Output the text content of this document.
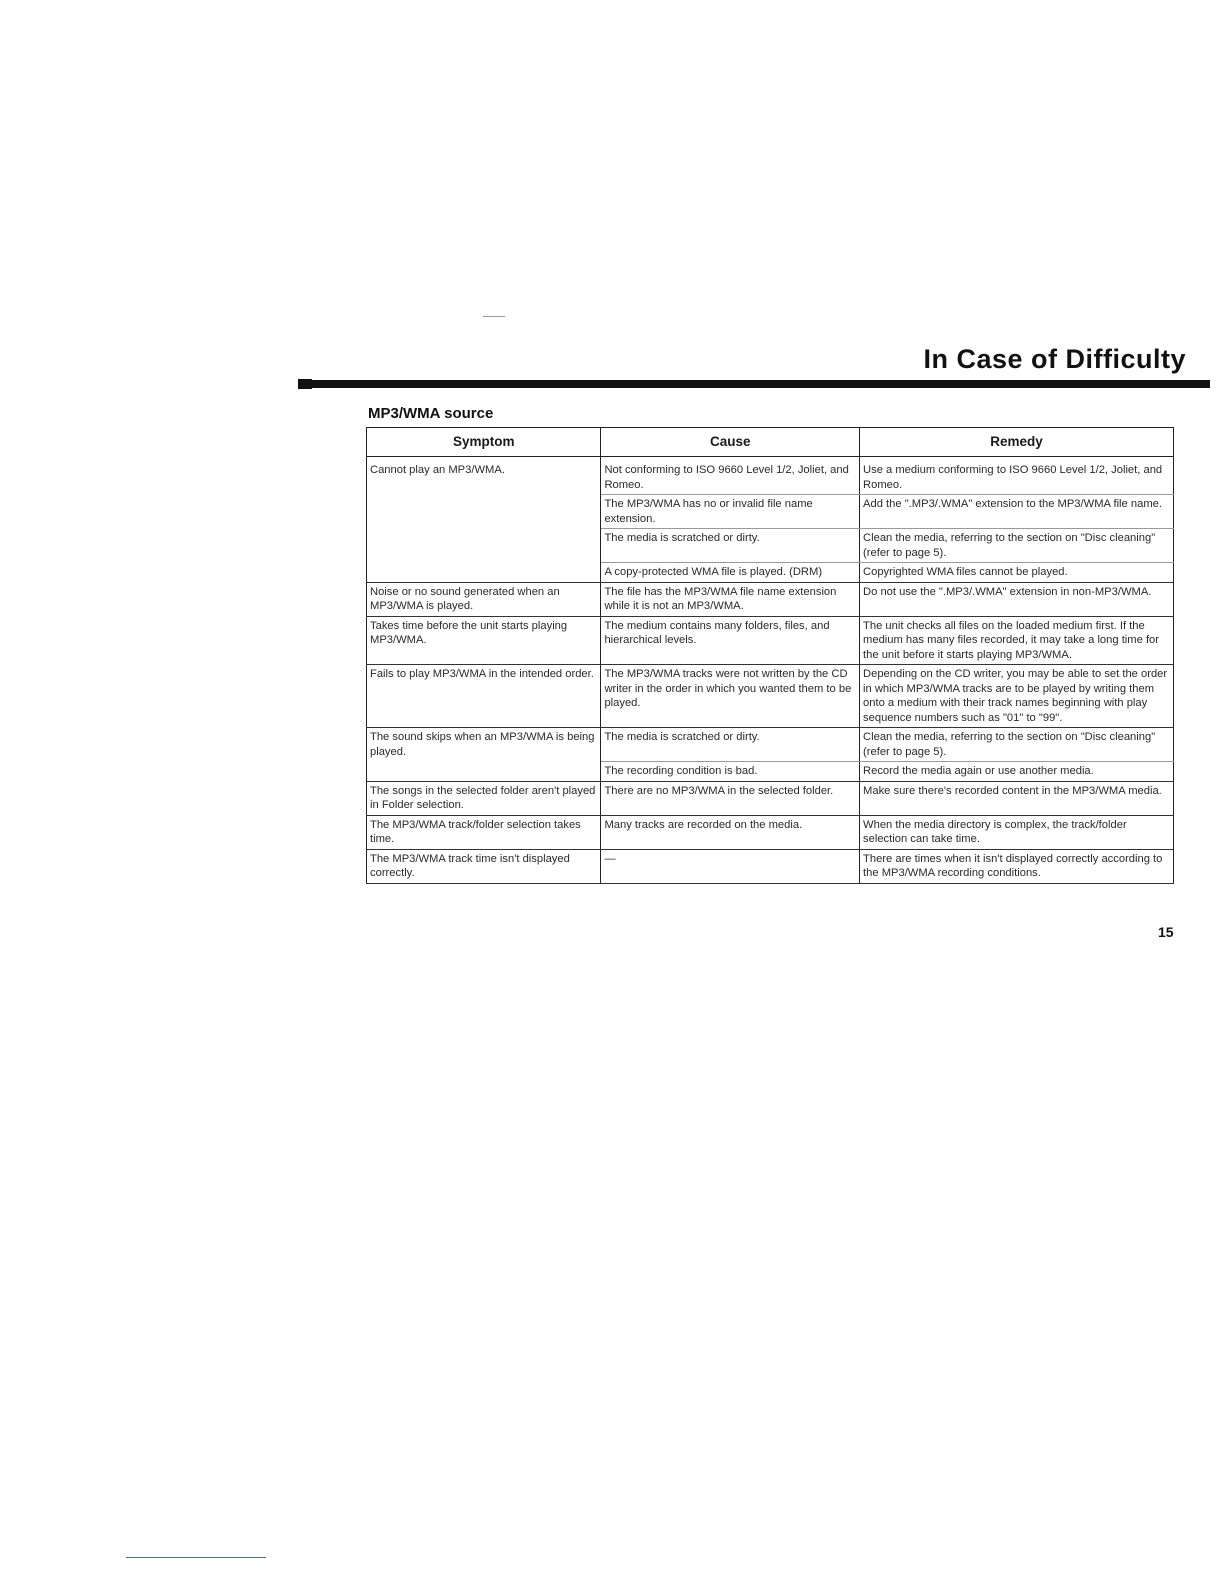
In Case of Difficulty
MP3/WMA source
Symptom	Cause	Remedy

Cannot play an MP3/WMA.	Not conforming to ISO 9660 Level 1/2, Joliet, and Romeo.	Use a medium conforming to ISO 9660 Level 1/2, Joliet, and Romeo.
	The MP3/WMA has no or invalid file name extension.	Add the ".MP3/.WMA" extension to the MP3/WMA file name.
	The media is scratched or dirty.	Clean the media, referring to the section on "Disc cleaning" (refer to page 5).
	A copy-protected WMA file is played. (DRM)	Copyrighted WMA files cannot be played.
Noise or no sound generated when an MP3/WMA is played.	The file has the MP3/WMA file name extension while it is not an MP3/WMA.	Do not use the ".MP3/.WMA" extension in non-MP3/WMA.
Takes time before the unit starts playing MP3/WMA.	The medium contains many folders, files, and hierarchical levels.	The unit checks all files on the loaded medium first. If the medium has many files recorded, it may take a long time for the unit before it starts playing MP3/WMA.
Fails to play MP3/WMA in the intended order.	The MP3/WMA tracks were not written by the CD writer in the order in which you wanted them to be played.	Depending on the CD writer, you may be able to set the order in which MP3/WMA tracks are to be played by writing them onto a medium with their track names beginning with play sequence numbers such as "01" to "99".
The sound skips when an MP3/WMA is being played.	The media is scratched or dirty.	Clean the media, referring to the section on "Disc cleaning" (refer to page 5).
	The recording condition is bad.	Record the media again or use another media.
The songs in the selected folder aren't played in Folder selection.	There are no MP3/WMA in the selected folder.	Make sure there's recorded content in the MP3/WMA media.
The MP3/WMA track/folder selection takes time.	Many tracks are recorded on the media.	When the media directory is complex, the track/folder selection can take time.
The MP3/WMA track time isn't displayed correctly.	—	There are times when it isn't displayed correctly according to the MP3/WMA recording conditions.

15
